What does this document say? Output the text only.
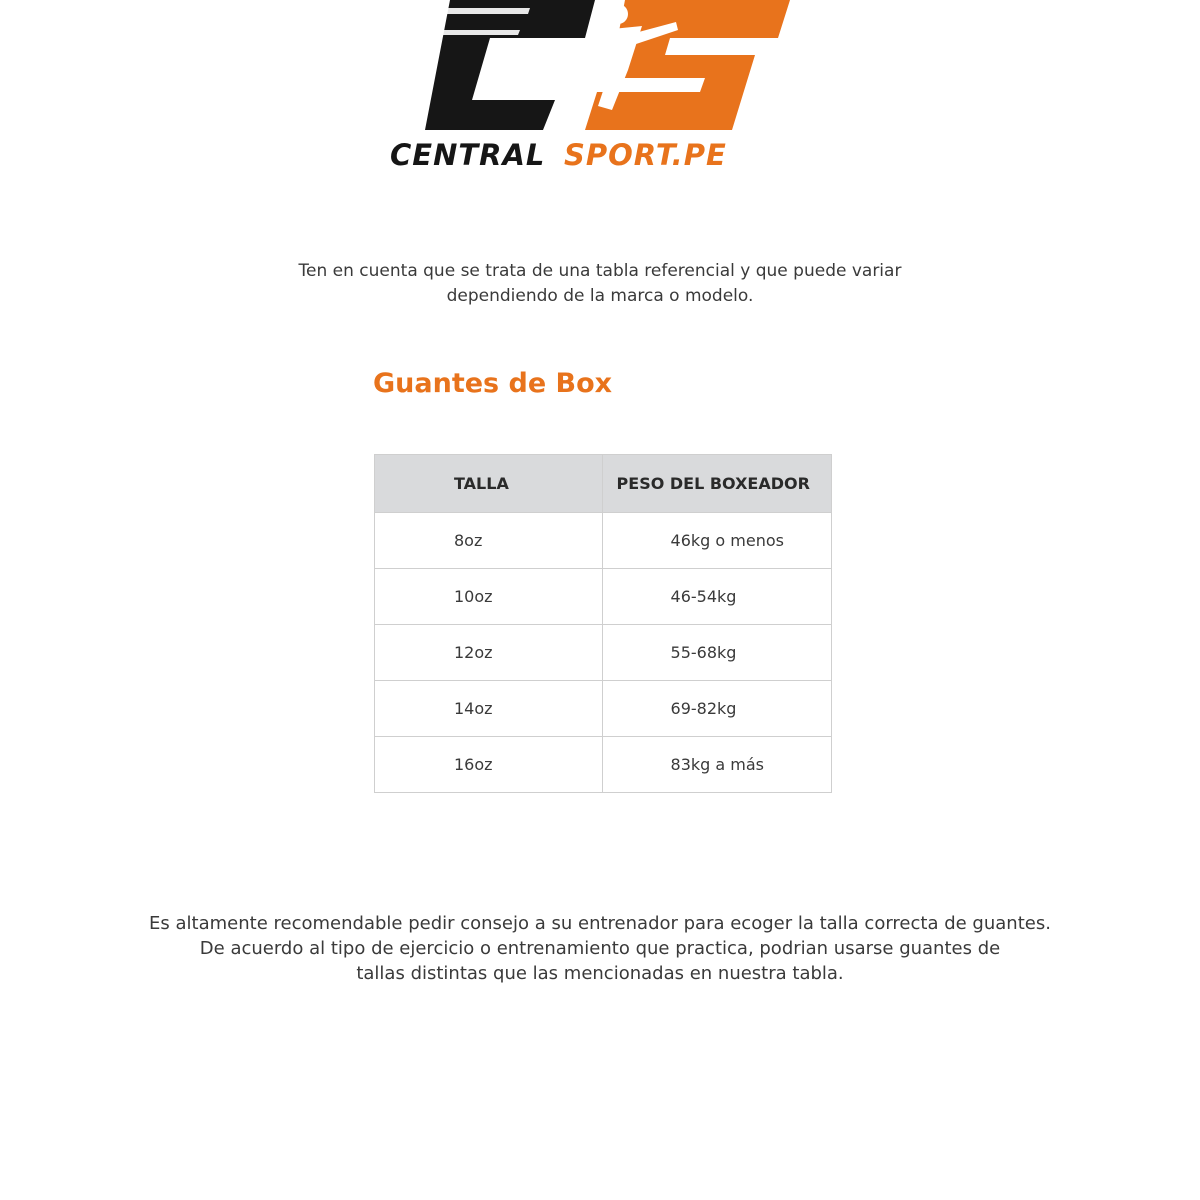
CENTRAL SPORT.PE

Ten en cuenta que se trata de una tabla referencial y que puede variar

dependiendo de la marca o modelo.

Guantes de Box
TALLA	PESO DEL BOXEADOR
8oz	46kg o menos
10oz	46-54kg
12oz	55-68kg
14oz	69-82kg
16oz	83kg a más

Es altamente recomendable pedir consejo a su entrenador para ecoger la talla correcta de guantes.

De acuerdo al tipo de ejercicio o entrenamiento que practica, podrian usarse guantes de

tallas distintas que las mencionadas en nuestra tabla.
